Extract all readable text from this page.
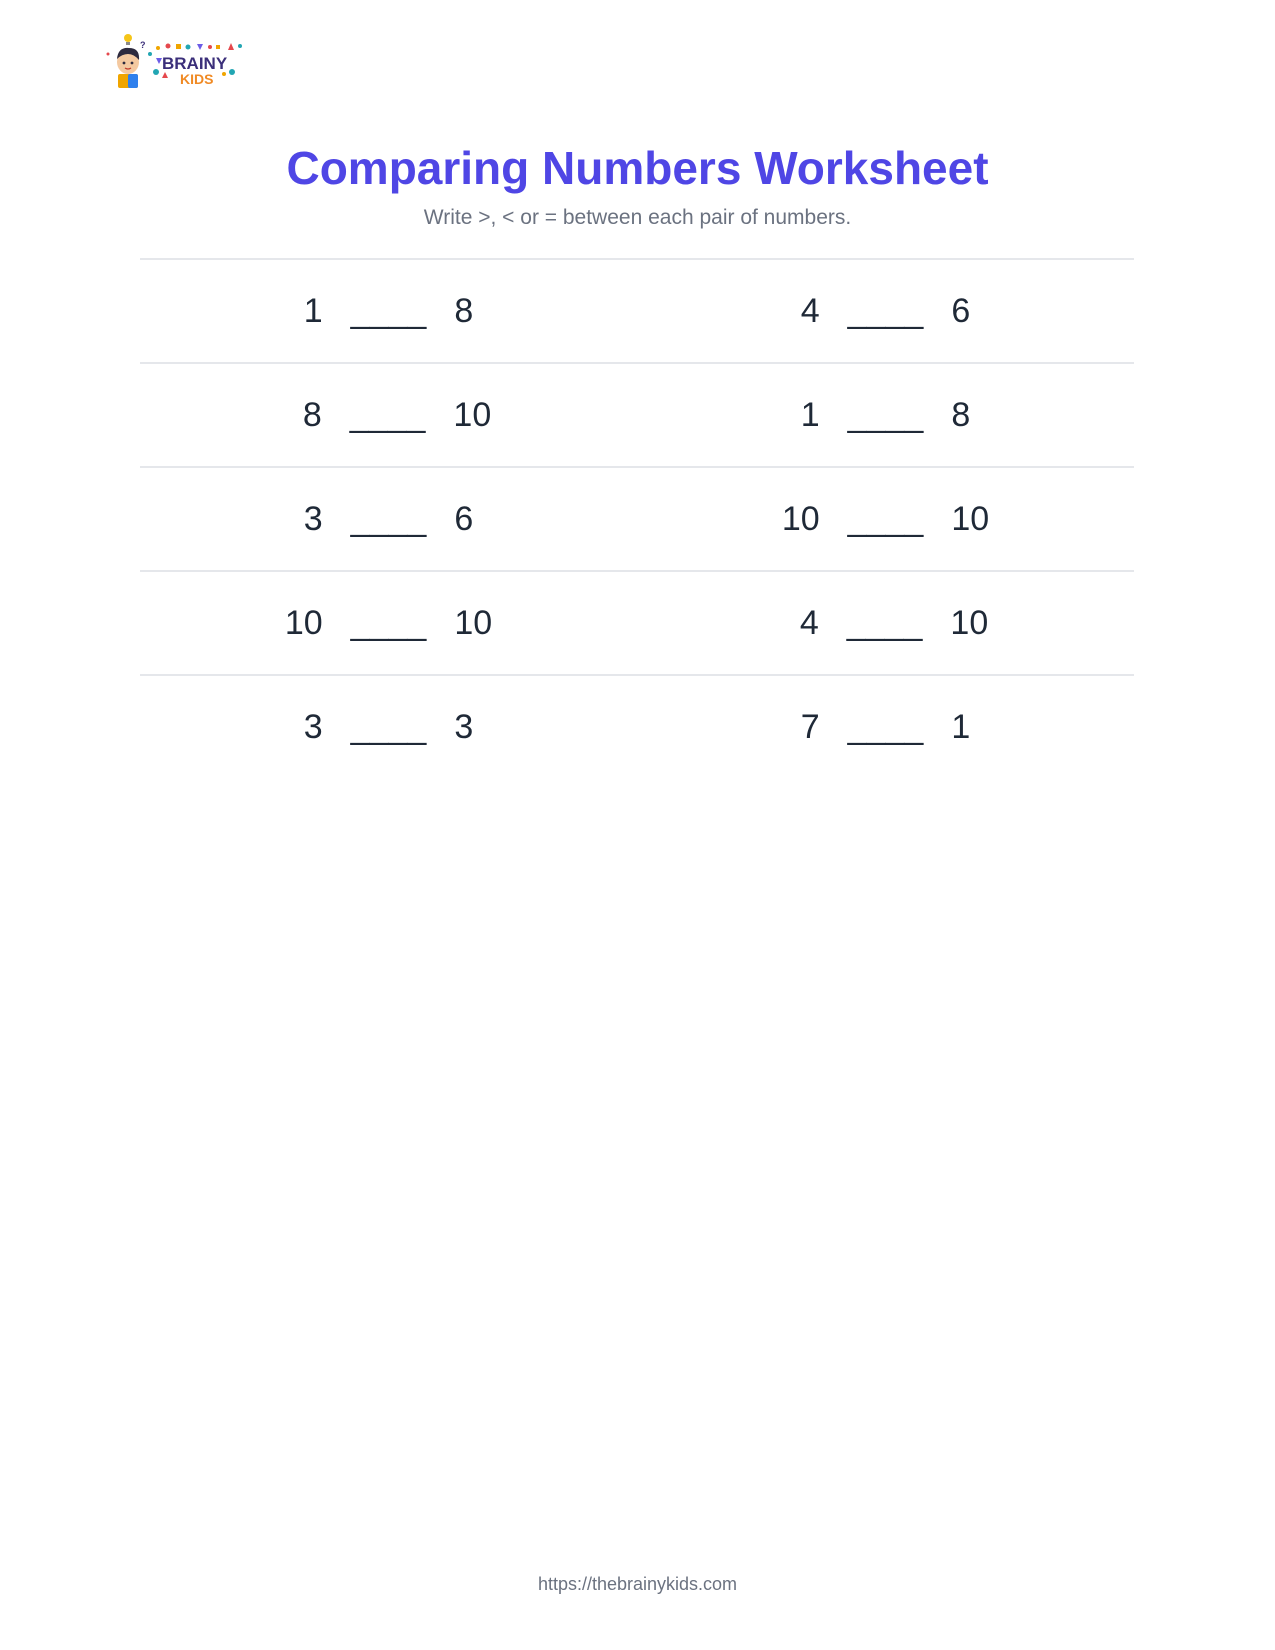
?
BRAINY
KIDS
Comparing Numbers Worksheet
Write >, < or = between each pair of numbers.
1 ____ 8	4 ____ 6
8 ____ 10	1 ____ 8
3 ____ 6	10 ____ 10
10 ____ 10	4 ____ 10
3 ____ 3	7 ____ 1
https://thebrainykids.com
